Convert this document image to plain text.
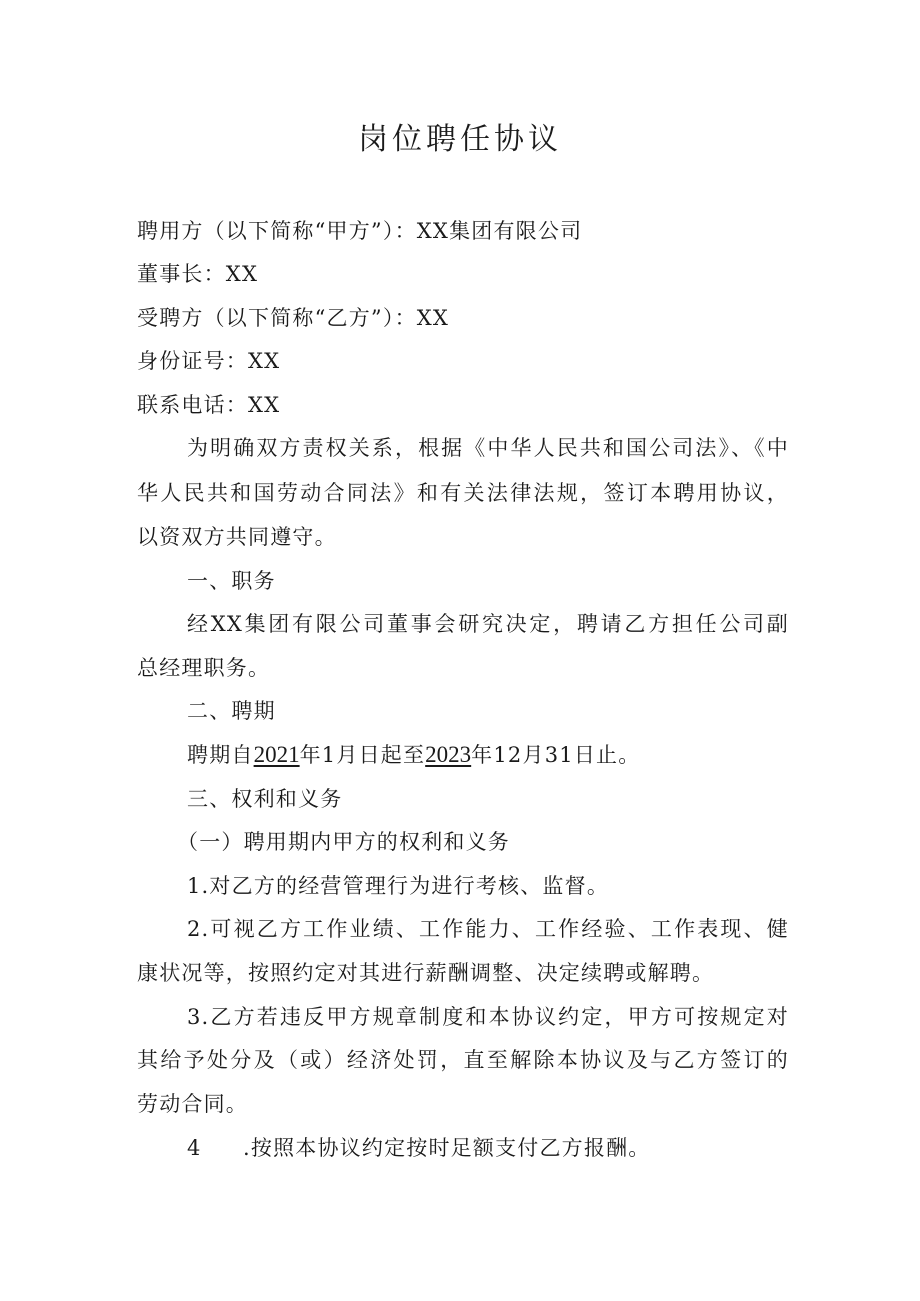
岗位聘任协议
聘用方（以下简称“甲方”）：XX集团有限公司
董事长：XX
受聘方（以下简称“乙方”）：XX
身份证号：XX
联系电话：XX
为明确双方责权关系，根据《中华人民共和国公司法》、《中
华人民共和国劳动合同法》和有关法律法规，签订本聘用协议，
以资双方共同遵守。
一、职务
经XX集团有限公司董事会研究决定，聘请乙方担任公司副
总经理职务。
二、聘期
聘期自2021年1月日起至2023年12月31日止。
三、权利和义务
（一）聘用期内甲方的权利和义务
1.对乙方的经营管理行为进行考核、监督。
2.可视乙方工作业绩、工作能力、工作经验、工作表现、健
康状况等，按照约定对其进行薪酬调整、决定续聘或解聘。
3.乙方若违反甲方规章制度和本协议约定，甲方可按规定对
其给予处分及（或）经济处罚，直至解除本协议及与乙方签订的
劳动合同。
4 .按照本协议约定按时足额支付乙方报酬。
